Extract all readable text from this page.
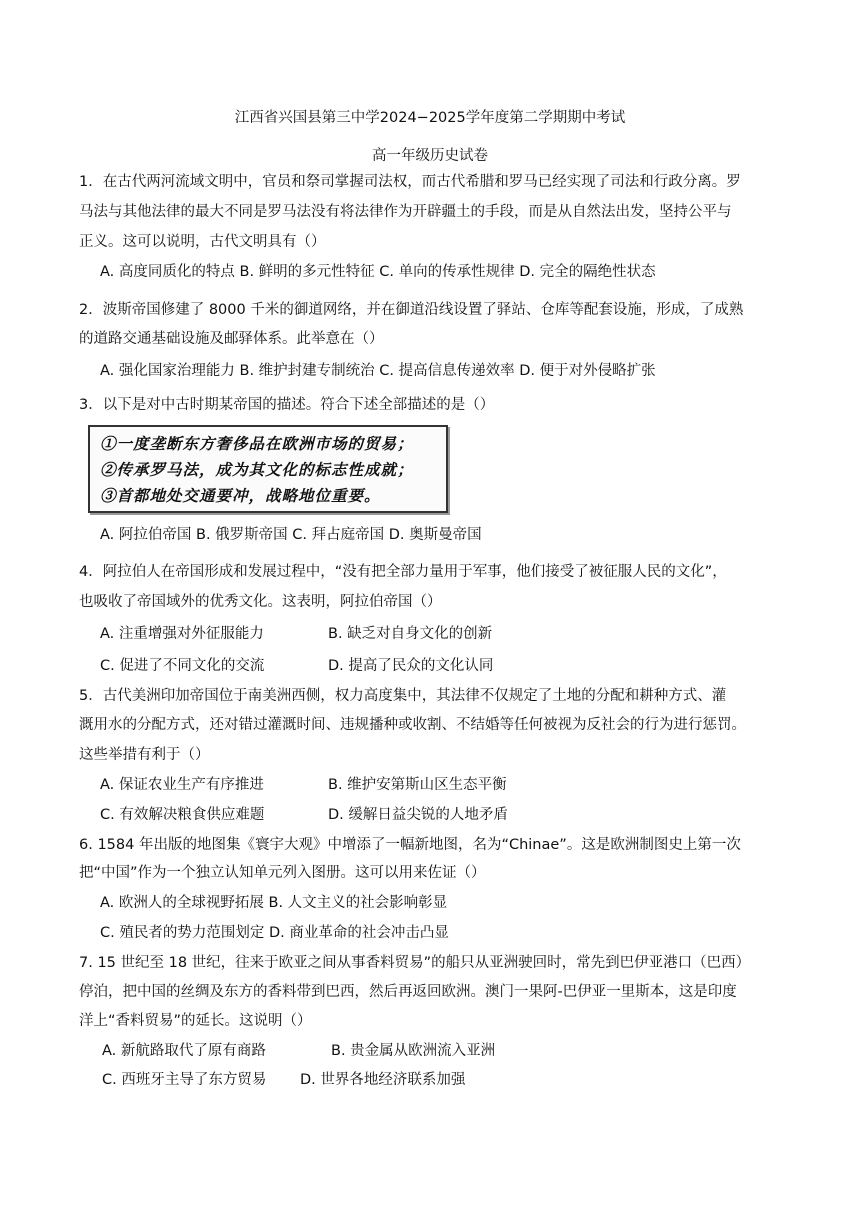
江西省兴国县第三中学2024−2025学年度第二学期期中考试
高一年级历史试卷
1．在古代两河流域文明中，官员和祭司掌握司法权，而古代希腊和罗马已经实现了司法和行政分离。罗
马法与其他法律的最大不同是罗马法没有将法律作为开辟疆土的手段，而是从自然法出发，坚持公平与
正义。这可以说明，古代文明具有（）
A. 高度同质化的特点 B. 鲜明的多元性特征 C. 单向的传承性规律 D. 完全的隔绝性状态
2．波斯帝国修建了 8000 千米的御道网络，并在御道沿线设置了驿站、仓库等配套设施，形成，了成熟
的道路交通基础设施及邮驿体系。此举意在（）
A. 强化国家治理能力 B. 维护封建专制统治 C. 提高信息传递效率 D. 便于对外侵略扩张
3．以下是对中古时期某帝国的描述。符合下述全部描述的是（）
①一度垄断东方奢侈品在欧洲市场的贸易；
②传承罗马法，成为其文化的标志性成就；
③首都地处交通要冲，战略地位重要。
A. 阿拉伯帝国 B. 俄罗斯帝国 C. 拜占庭帝国 D. 奥斯曼帝国
4．阿拉伯人在帝国形成和发展过程中，“没有把全部力量用于军事，他们接受了被征服人民的文化”，
也吸收了帝国域外的优秀文化。这表明，阿拉伯帝国（）
A. 注重增强对外征服能力	B. 缺乏对自身文化的创新
C. 促进了不同文化的交流	D. 提高了民众的文化认同
5．古代美洲印加帝国位于南美洲西侧，权力高度集中，其法律不仅规定了土地的分配和耕种方式、灌
溉用水的分配方式，还对错过灌溉时间、违规播种或收割、不结婚等任何被视为反社会的行为进行惩罚。
这些举措有利于（）
A. 保证农业生产有序推进	B. 维护安第斯山区生态平衡
C. 有效解决粮食供应难题	D. 缓解日益尖锐的人地矛盾
6. 1584 年出版的地图集《寰宇大观》中增添了一幅新地图，名为“Chinae”。这是欧洲制图史上第一次
把“中国”作为一个独立认知单元列入图册。这可以用来佐证（）
A. 欧洲人的全球视野拓展 B. 人文主义的社会影响彰显
C. 殖民者的势力范围划定 D. 商业革命的社会冲击凸显
7. 15 世纪至 18 世纪，往来于欧亚之间从事香料贸易”的船只从亚洲驶回时，常先到巴伊亚港口（巴西）
停泊，把中国的丝绸及东方的香料带到巴西，然后再返回欧洲。澳门一果阿-巴伊亚一里斯本，这是印度
洋上“香料贸易”的延长。这说明（）
A. 新航路取代了原有商路	B. 贵金属从欧洲流入亚洲
C. 西班牙主导了东方贸易 D. 世界各地经济联系加强
